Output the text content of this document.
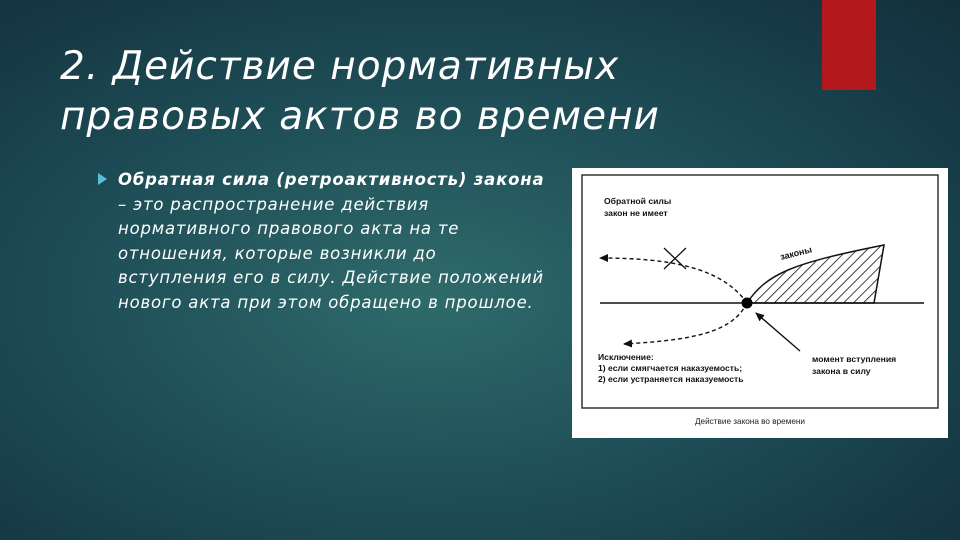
2. Действие нормативных
правовых актов во времени
Обратная сила (ретроактивность) закона – это распространение действия нормативного правового акта на те отношения, которые возникли до вступления его в силу. Действие положений нового акта при этом обращено в прошлое.
Обратной силы
закон не имеет
законы
Исключение:
1) если смягчается наказуемость;
2) если устраняется наказуемость
момент вступления
закона в силу
Действие закона во времени
